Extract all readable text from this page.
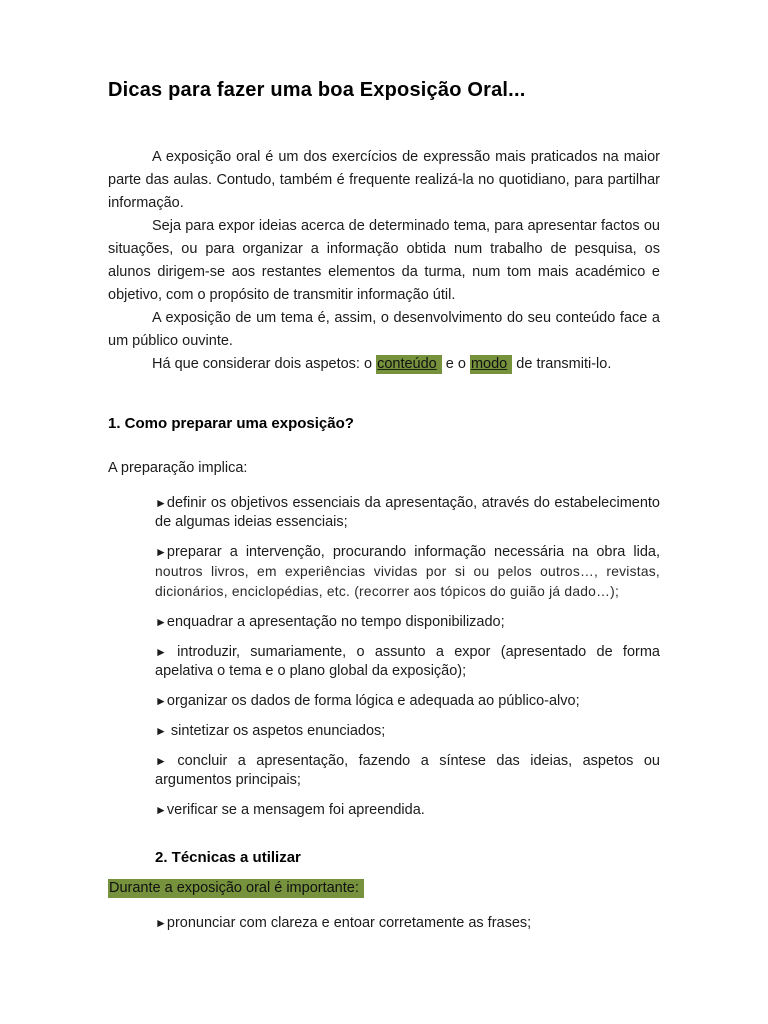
Dicas para fazer uma boa Exposição Oral...

A exposição oral é um dos exercícios de expressão mais praticados na maior parte das aulas. Contudo, também é frequente realizá-la no quotidiano, para partilhar informação.

Seja para expor ideias acerca de determinado tema, para apresentar factos ou situações, ou para organizar a informação obtida num trabalho de pesquisa, os alunos dirigem-se aos restantes elementos da turma, num tom mais académico e objetivo, com o propósito de transmitir informação útil.

A exposição de um tema é, assim, o desenvolvimento do seu conteúdo face a um público ouvinte.

Há que considerar dois aspetos: o conteúdo e o modo de transmiti-lo.

1. Como preparar uma exposição?

A preparação implica:

►definir os objetivos essenciais da apresentação, através do estabelecimento de algumas ideias essenciais;
►preparar a intervenção, procurando informação necessária na obra lida, noutros livros, em experiências vividas por si ou pelos outros…, revistas, dicionários, enciclopédias, etc. (recorrer aos tópicos do guião já dado…);
►enquadrar a apresentação no tempo disponibilizado;
► introduzir, sumariamente, o assunto a expor (apresentado de forma apelativa o tema e o plano global da exposição);
►organizar os dados de forma lógica e adequada ao público-alvo;
► sintetizar os aspetos enunciados;
► concluir a apresentação, fazendo a síntese das ideias, aspetos ou argumentos principais;
►verificar se a mensagem foi apreendida.
2. Técnicas a utilizar

Durante a exposição oral é importante:

►pronunciar com clareza e entoar corretamente as frases;
